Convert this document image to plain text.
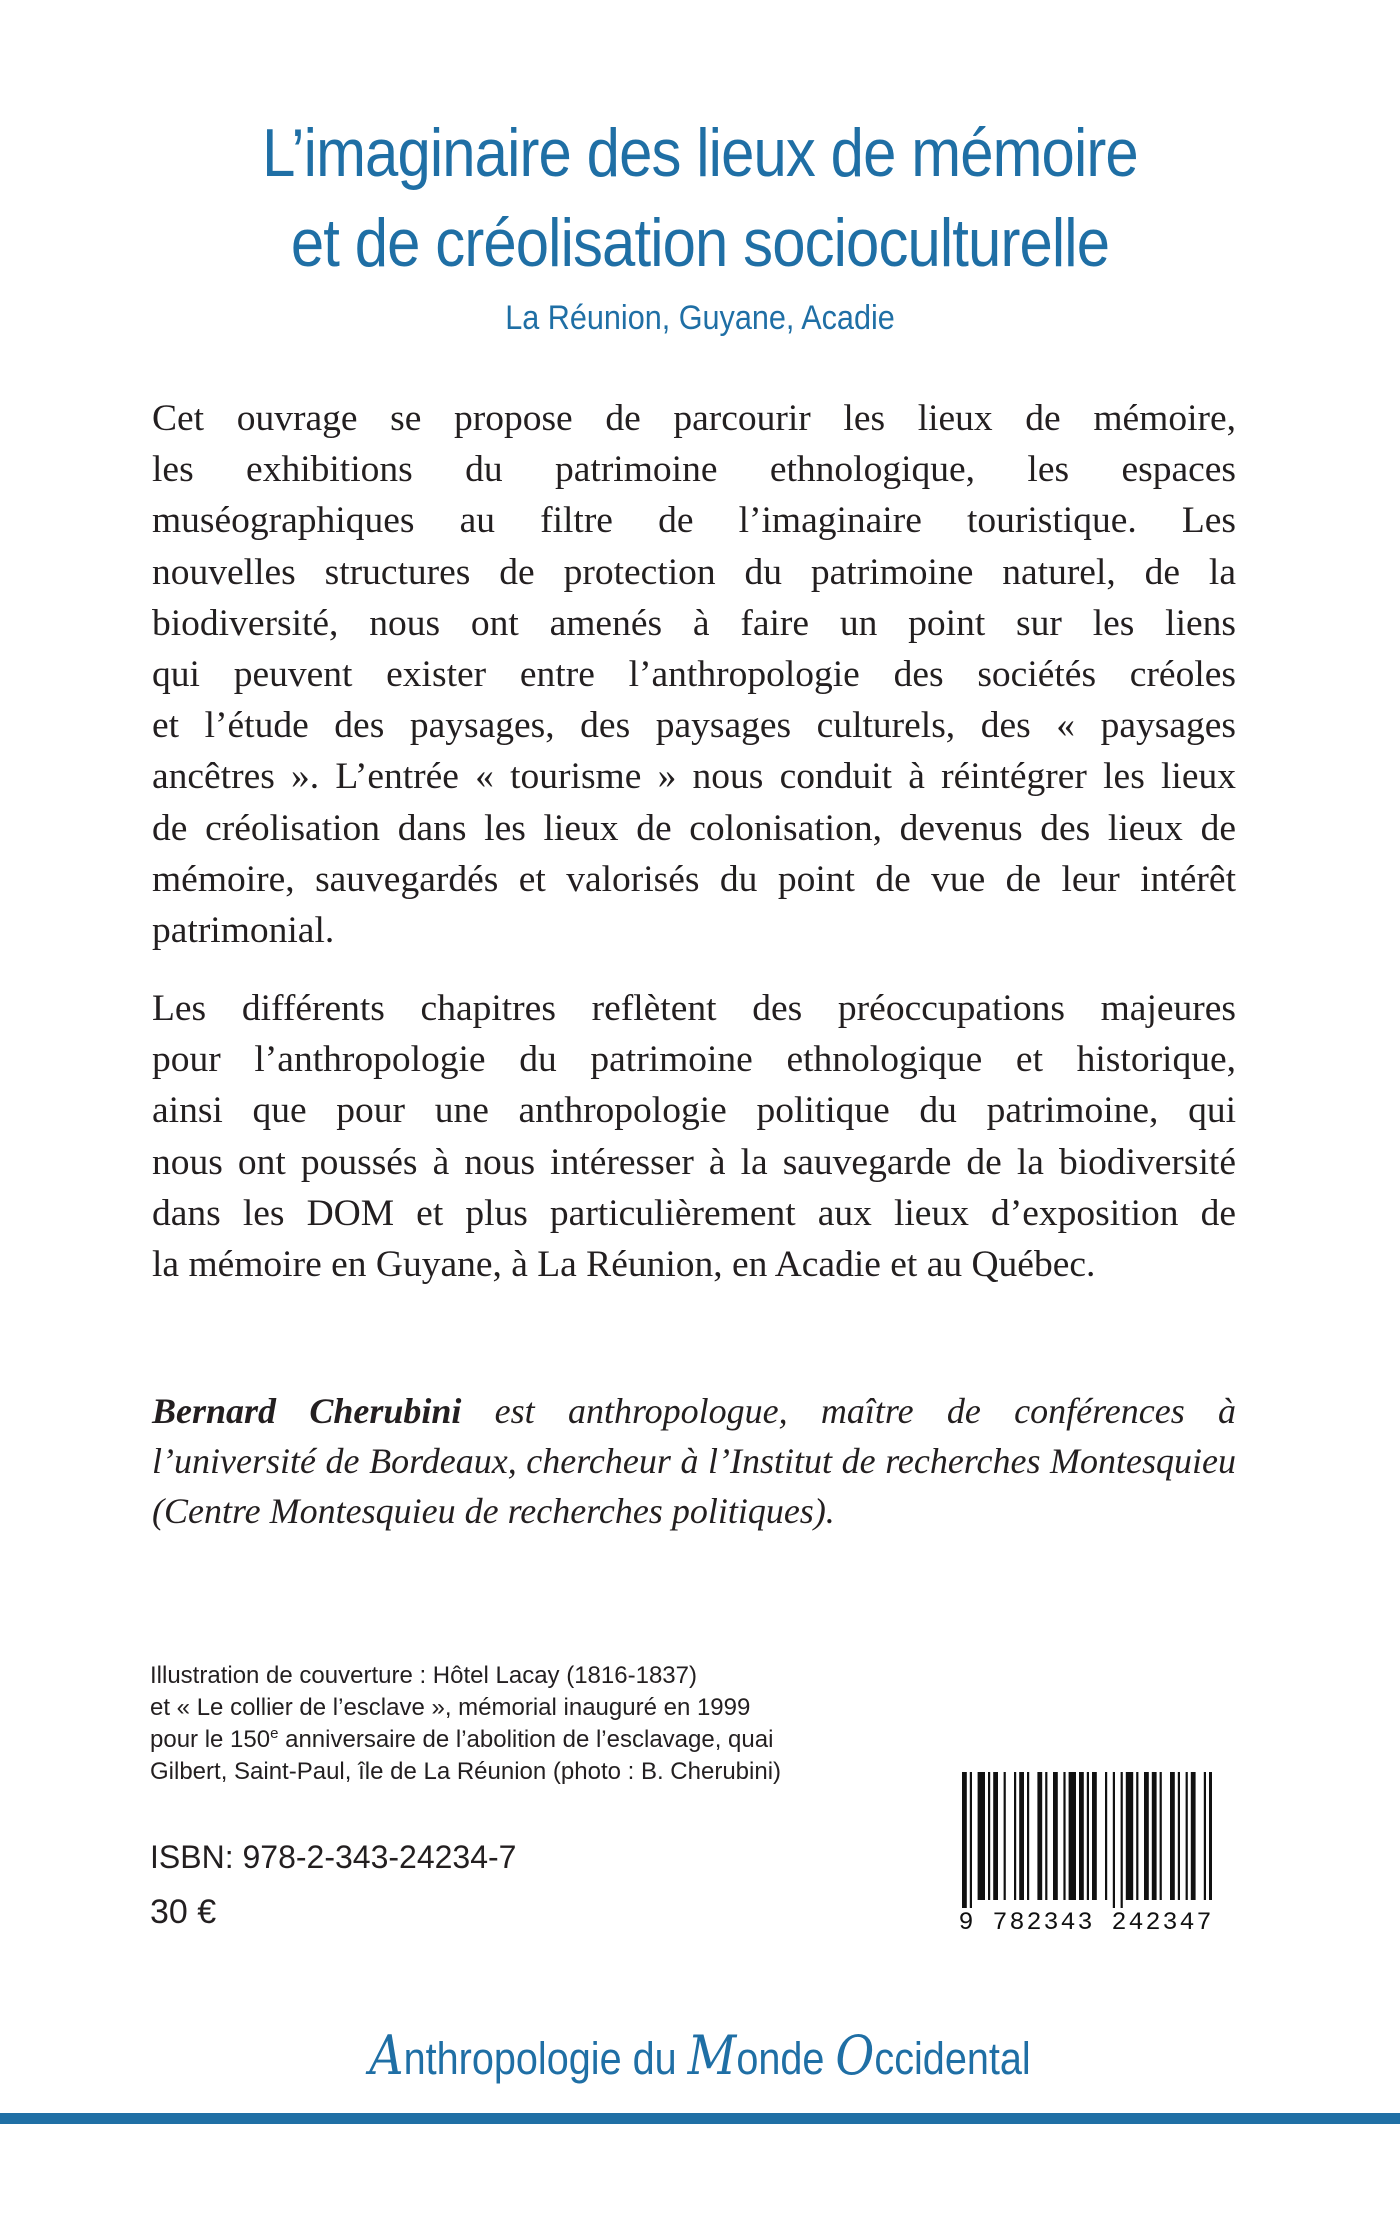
L’imaginaire des lieux de mémoire
et de créolisation socioculturelle
La Réunion, Guyane, Acadie
Cet ouvrage se propose de parcourir les lieux de mémoire,
les exhibitions du patrimoine ethnologique, les espaces
muséographiques au filtre de l’imaginaire touristique. Les
nouvelles structures de protection du patrimoine naturel, de la
biodiversité, nous ont amenés à faire un point sur les liens
qui peuvent exister entre l’anthropologie des sociétés créoles
et l’étude des paysages, des paysages culturels, des « paysages
ancêtres ». L’entrée « tourisme » nous conduit à réintégrer les lieux
de créolisation dans les lieux de colonisation, devenus des lieux de
mémoire, sauvegardés et valorisés du point de vue de leur intérêt
patrimonial.
Les différents chapitres reflètent des préoccupations majeures
pour l’anthropologie du patrimoine ethnologique et historique,
ainsi que pour une anthropologie politique du patrimoine, qui
nous ont poussés à nous intéresser à la sauvegarde de la biodiversité
dans les DOM et plus particulièrement aux lieux d’exposition de
la mémoire en Guyane, à La Réunion, en Acadie et au Québec.
Bernard Cherubini est anthropologue, maître de conférences à
l’université de Bordeaux, chercheur à l’Institut de recherches Montesquieu
(Centre Montesquieu de recherches politiques).
Illustration de couverture : Hôtel Lacay (1816-1837)
et « Le collier de l’esclave », mémorial inauguré en 1999
pour le 150e anniversaire de l’abolition de l’esclavage, quai
Gilbert, Saint-Paul, île de La Réunion (photo : B. Cherubini)
ISBN: 978-2-343-24234-7
30 €	9 782343 242347
Anthropologie du Monde Occidental
